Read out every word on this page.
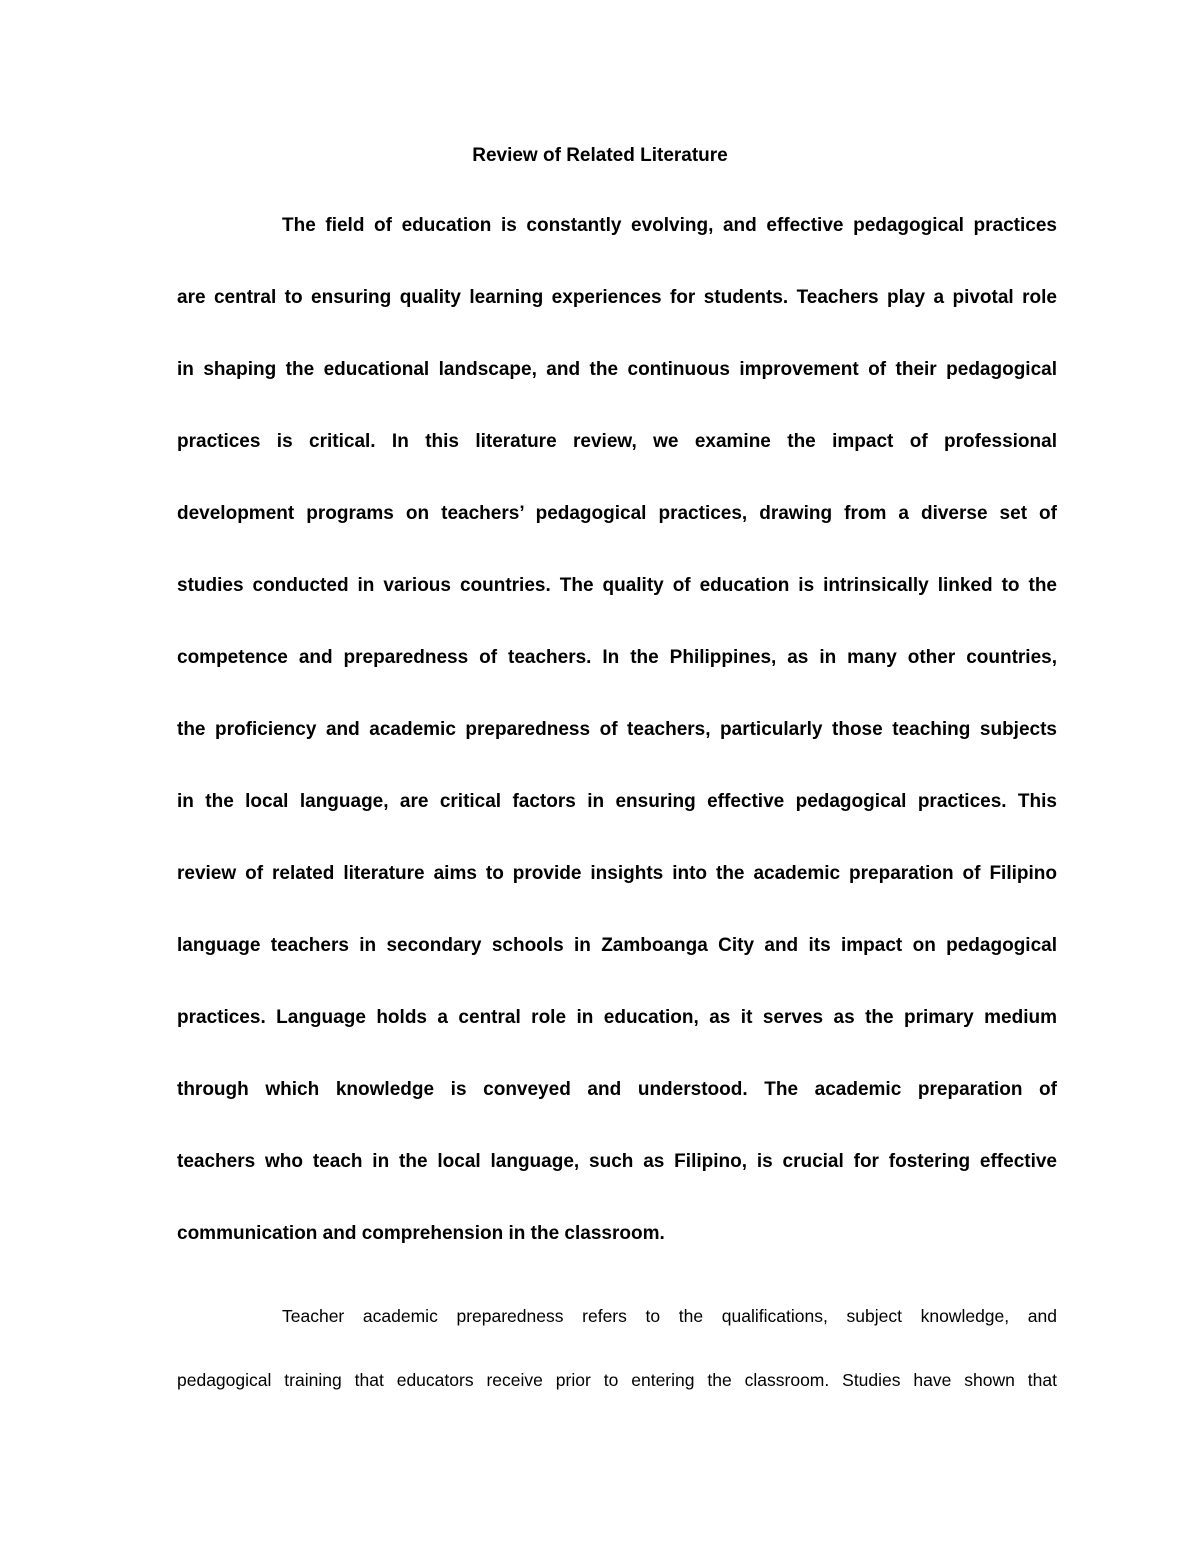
Review of Related Literature
The field of education is constantly evolving, and effective pedagogical practices
are central to ensuring quality learning experiences for students. Teachers play a pivotal role
in shaping the educational landscape, and the continuous improvement of their pedagogical
practices is critical. In this literature review, we examine the impact of professional
development programs on teachers’ pedagogical practices, drawing from a diverse set of
studies conducted in various countries. The quality of education is intrinsically linked to the
competence and preparedness of teachers. In the Philippines, as in many other countries,
the proficiency and academic preparedness of teachers, particularly those teaching subjects
in the local language, are critical factors in ensuring effective pedagogical practices. This
review of related literature aims to provide insights into the academic preparation of Filipino
language teachers in secondary schools in Zamboanga City and its impact on pedagogical
practices. Language holds a central role in education, as it serves as the primary medium
through which knowledge is conveyed and understood. The academic preparation of
teachers who teach in the local language, such as Filipino, is crucial for fostering effective
communication and comprehension in the classroom.
Teacher academic preparedness refers to the qualifications, subject knowledge, and
pedagogical training that educators receive prior to entering the classroom. Studies have shown that
